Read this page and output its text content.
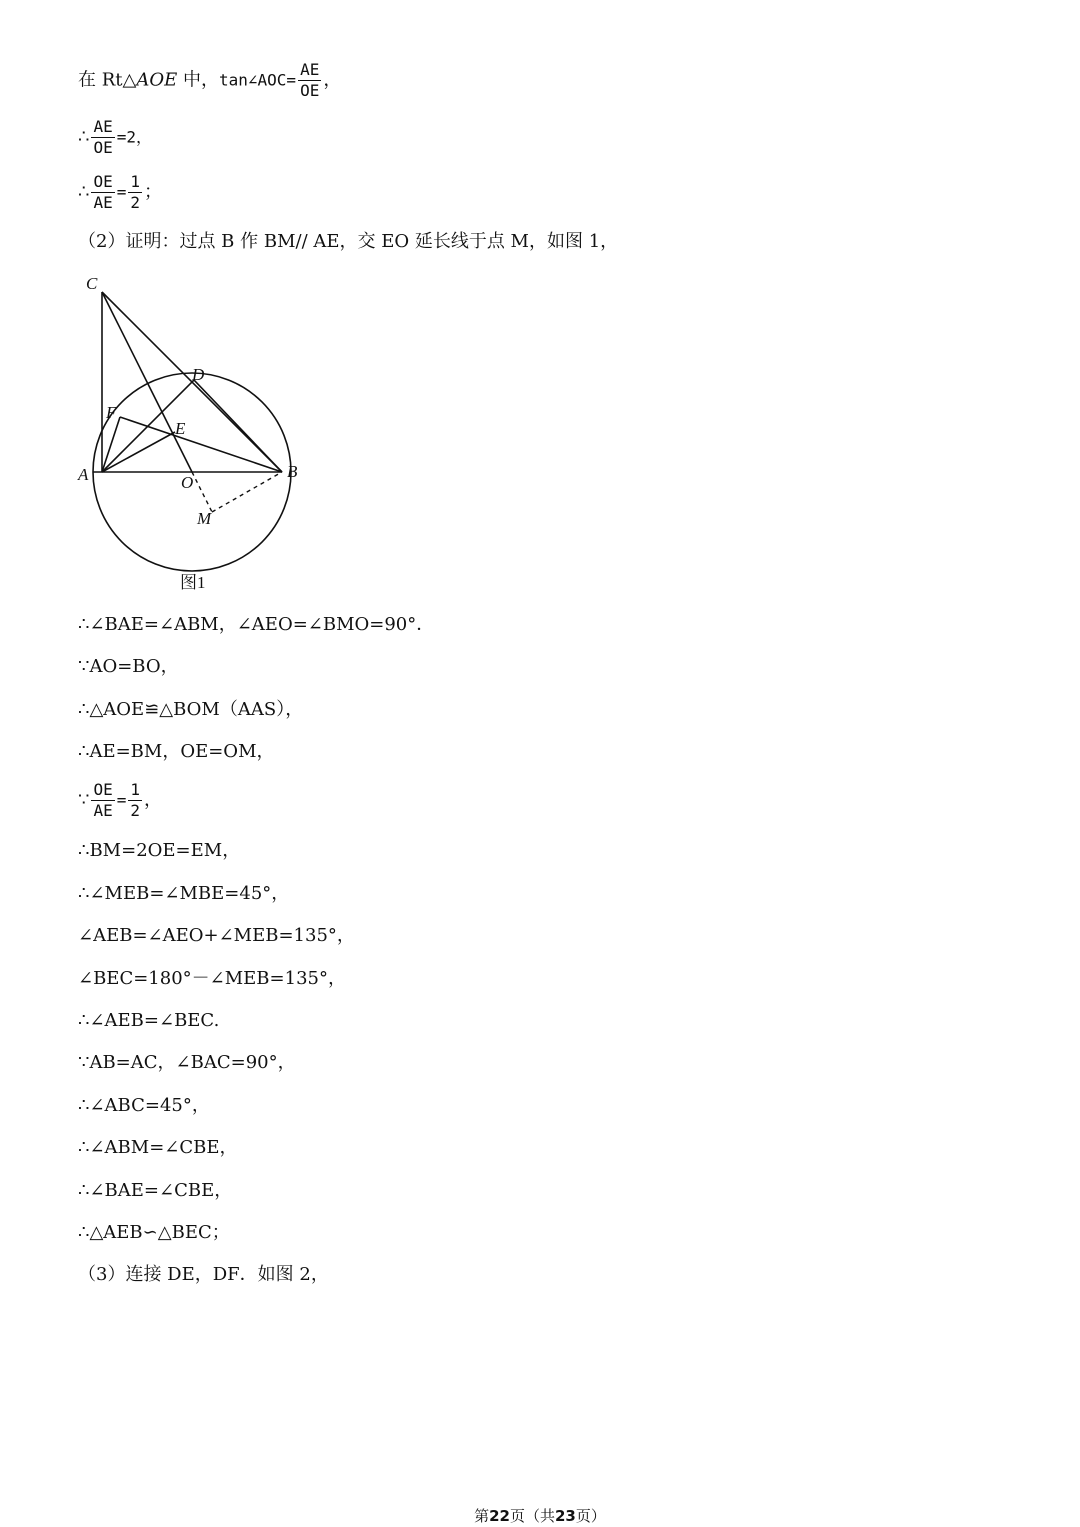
在 Rt△AOE 中，tan∠AOC= $\frac{AE}{OE}$ ，
∴ $\frac{AE}{OE} =2$，
∴ $\frac{OE}{AE} = \frac{1}{2}$ ；
（2）证明：过点 B 作 BM// AE，交 EO 延长线于点 M，如图 1，
C
D
F
E
A	B
O
M
图1
∴∠BAE=∠ABM，∠AEO=∠BMO=90°．
∵AO=BO，
∴△AOE≌△BOM（AAS），
∴AE=BM，OE=OM，
∵ $\frac{OE}{AE} = \frac{1}{2}$ ，
∴BM=2OE=EM，
∴∠MEB=∠MBE=45°，
∠AEB=∠AEO+∠MEB=135°，
∠BEC=180°－∠MEB=135°，
∴∠AEB=∠BEC.
∵AB=AC，∠BAC=90°，
∴∠ABC=45°，
∴∠ABM=∠CBE，
∴∠BAE=∠CBE，
∴△AEB∽△BEC；
（3）连接 DE，DF．如图 2，
第22页（共23页）
